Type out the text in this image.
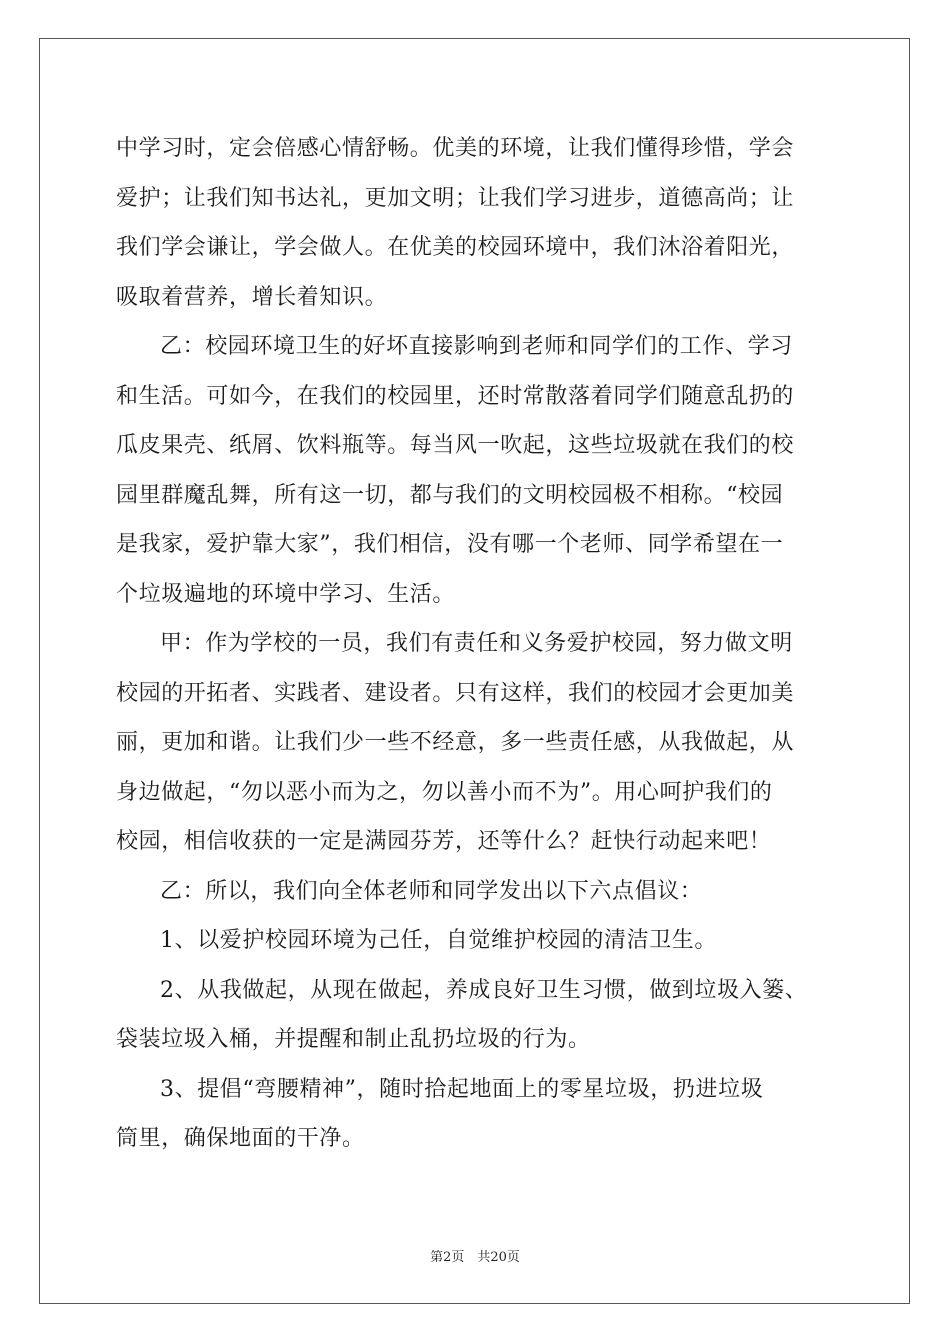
中学习时，定会倍感心情舒畅。优美的环境，让我们懂得珍惜，学会
爱护；让我们知书达礼，更加文明；让我们学习进步，道德高尚；让
我们学会谦让，学会做人。在优美的校园环境中，我们沐浴着阳光，
吸取着营养，增长着知识。
乙：校园环境卫生的好坏直接影响到老师和同学们的工作、学习
和生活。可如今，在我们的校园里，还时常散落着同学们随意乱扔的
瓜皮果壳、纸屑、饮料瓶等。每当风一吹起，这些垃圾就在我们的校
园里群魔乱舞，所有这一切，都与我们的文明校园极不相称。“校园
是我家，爱护靠大家”，我们相信，没有哪一个老师、同学希望在一
个垃圾遍地的环境中学习、生活。
甲：作为学校的一员，我们有责任和义务爱护校园，努力做文明
校园的开拓者、实践者、建设者。只有这样，我们的校园才会更加美
丽，更加和谐。让我们少一些不经意，多一些责任感，从我做起，从
身边做起，“勿以恶小而为之，勿以善小而不为”。用心呵护我们的
校园，相信收获的一定是满园芬芳，还等什么？赶快行动起来吧！
乙：所以，我们向全体老师和同学发出以下六点倡议：
1、以爱护校园环境为己任，自觉维护校园的清洁卫生。
2、从我做起，从现在做起，养成良好卫生习惯，做到垃圾入篓、
袋装垃圾入桶，并提醒和制止乱扔垃圾的行为。
3、提倡“弯腰精神”，随时拾起地面上的零星垃圾，扔进垃圾
筒里，确保地面的干净。
第2页　共20页
